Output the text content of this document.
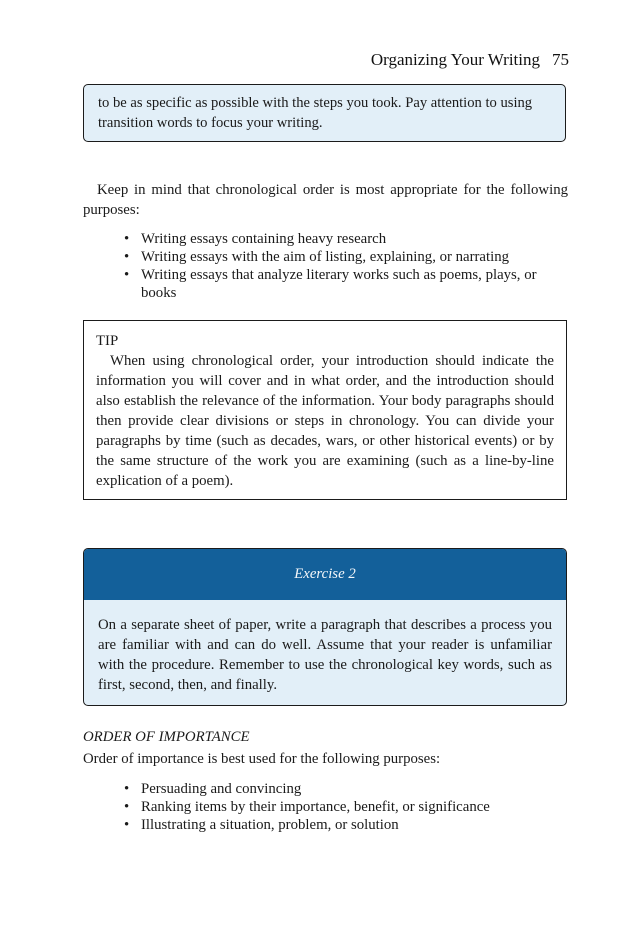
Organizing Your Writing 75
to be as specific as possible with the steps you took. Pay attention to using transition words to focus your writing.

Keep in mind that chronological order is most appropriate for the following purposes:

• Writing essays containing heavy research
• Writing essays with the aim of listing, explaining, or narrating
• Writing essays that analyze literary works such as poems, plays, or books
TIP
When using chronological order, your introduction should indicate the information you will cover and in what order, and the introduction should also establish the relevance of the information. Your body paragraphs should then provide clear divisions or steps in chronology. You can divide your paragraphs by time (such as decades, wars, or other historical events) or by the same structure of the work you are examining (such as a line-by-line explication of a poem).
Exercise 2
On a separate sheet of paper, write a paragraph that describes a process you are familiar with and can do well. Assume that your reader is unfamiliar with the procedure. Remember to use the chronological key words, such as first, second, then, and finally.
ORDER OF IMPORTANCE

Order of importance is best used for the following purposes:

• Persuading and convincing
• Ranking items by their importance, benefit, or significance
• Illustrating a situation, problem, or solution
